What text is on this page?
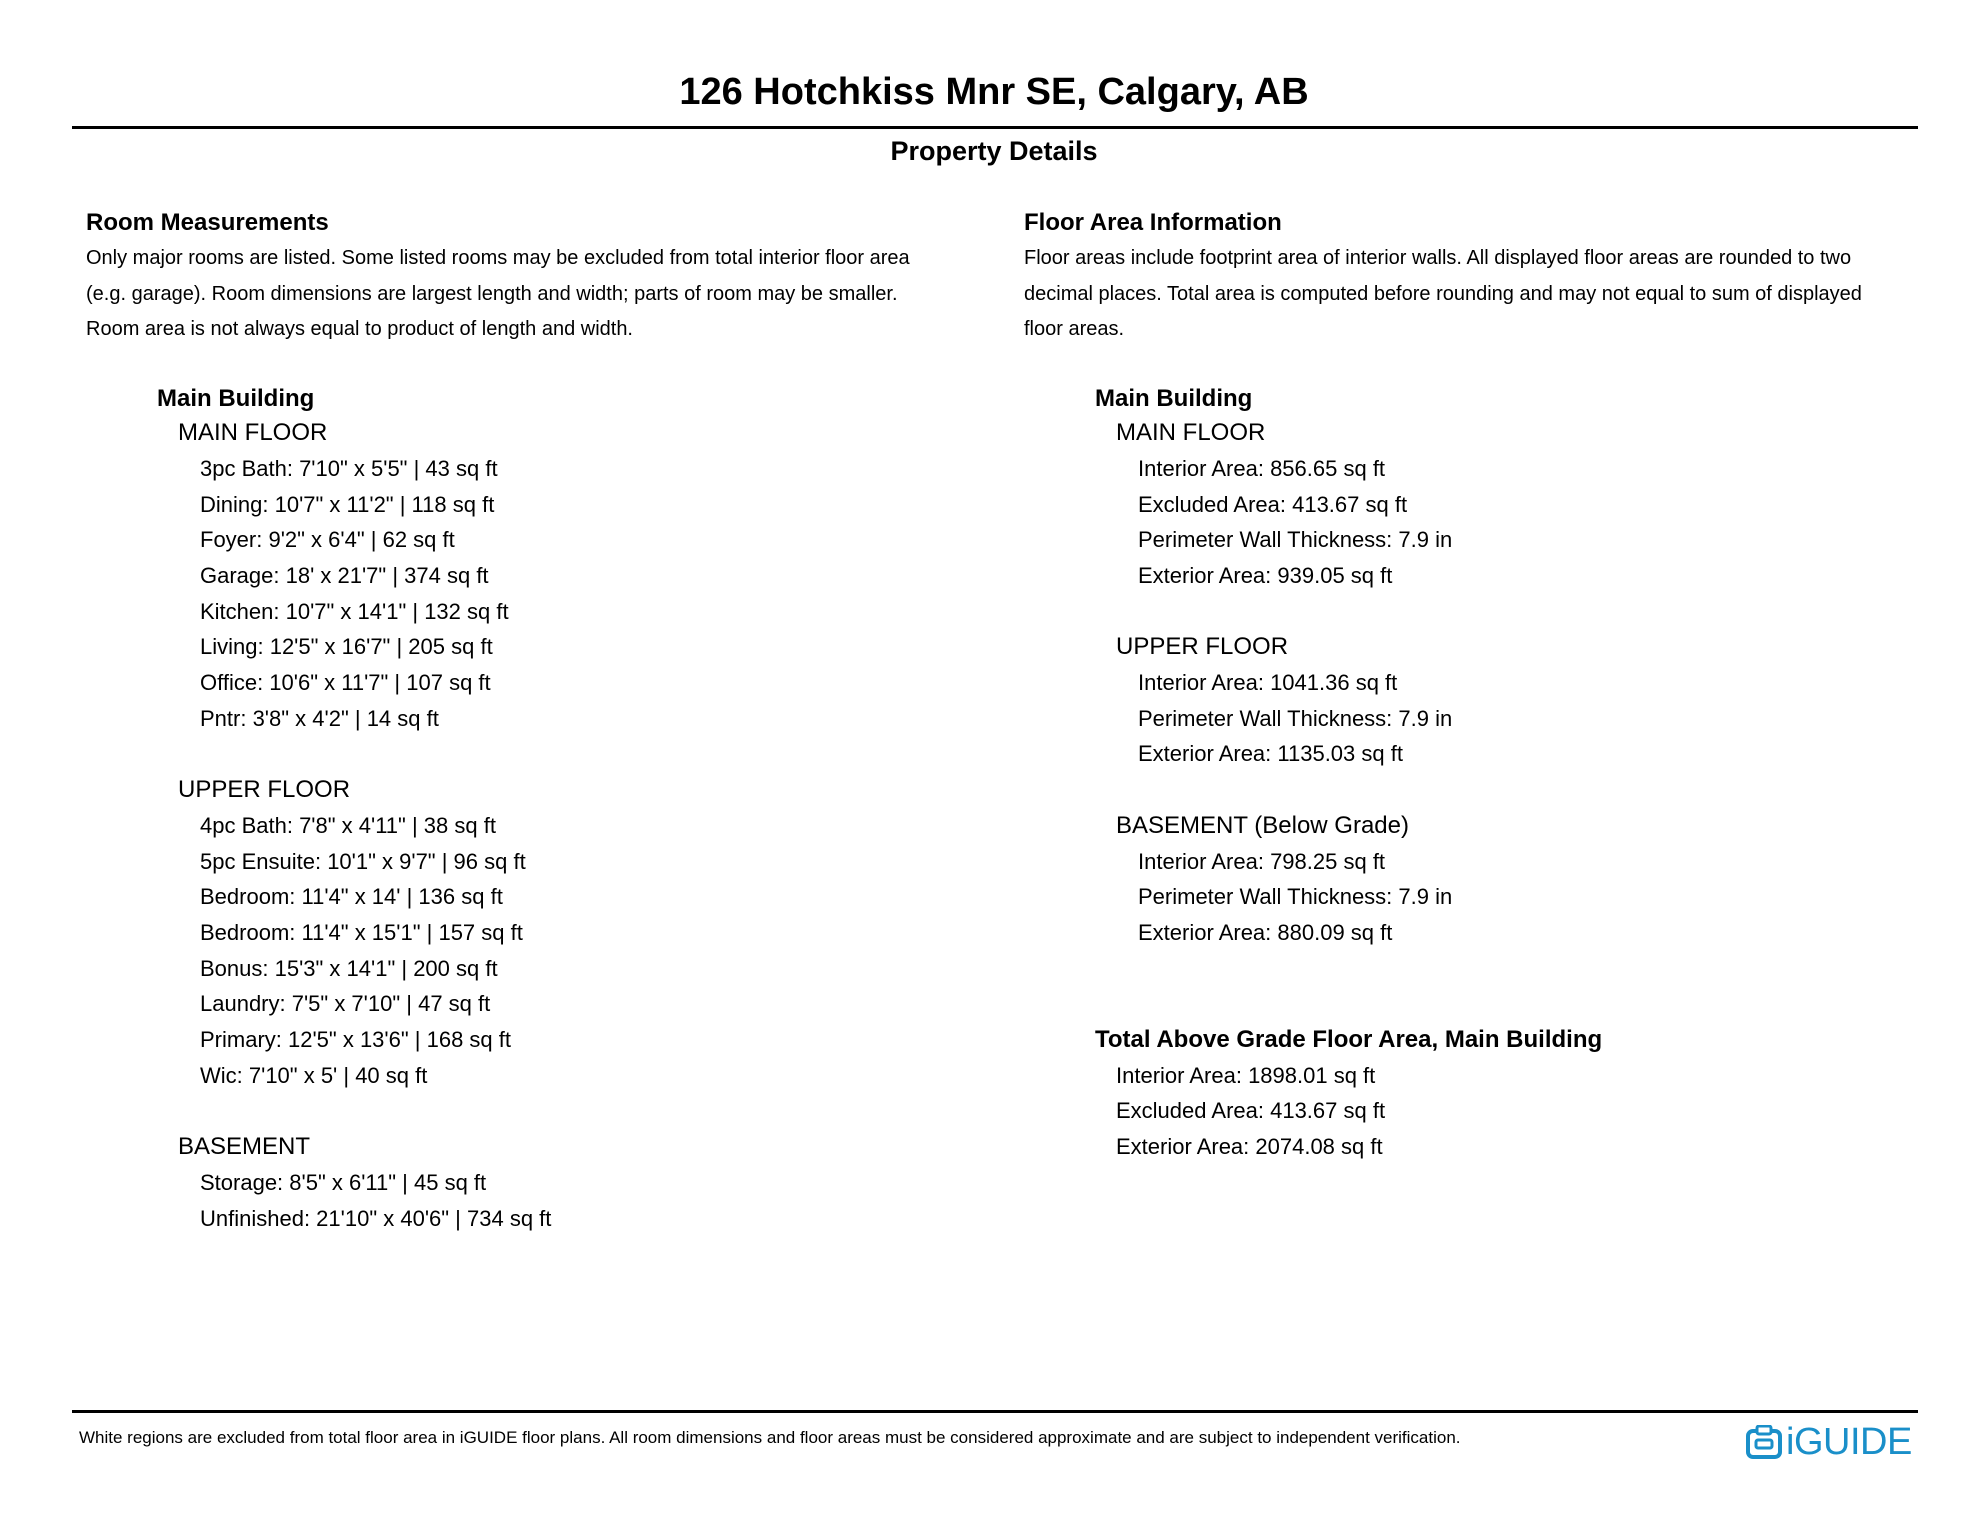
126 Hotchkiss Mnr SE, Calgary, AB
Property Details
Room Measurements
Only major rooms are listed. Some listed rooms may be excluded from total interior floor area
(e.g. garage). Room dimensions are largest length and width; parts of room may be smaller.
Room area is not always equal to product of length and width.
Main Building
MAIN FLOOR
3pc Bath: 7'10" x 5'5" | 43 sq ft
Dining: 10'7" x 11'2" | 118 sq ft
Foyer: 9'2" x 6'4" | 62 sq ft
Garage: 18' x 21'7" | 374 sq ft
Kitchen: 10'7" x 14'1" | 132 sq ft
Living: 12'5" x 16'7" | 205 sq ft
Office: 10'6" x 11'7" | 107 sq ft
Pntr: 3'8" x 4'2" | 14 sq ft
UPPER FLOOR
4pc Bath: 7'8" x 4'11" | 38 sq ft
5pc Ensuite: 10'1" x 9'7" | 96 sq ft
Bedroom: 11'4" x 14' | 136 sq ft
Bedroom: 11'4" x 15'1" | 157 sq ft
Bonus: 15'3" x 14'1" | 200 sq ft
Laundry: 7'5" x 7'10" | 47 sq ft
Primary: 12'5" x 13'6" | 168 sq ft
Wic: 7'10" x 5' | 40 sq ft
BASEMENT
Storage: 8'5" x 6'11" | 45 sq ft
Unfinished: 21'10" x 40'6" | 734 sq ft
Floor Area Information
Floor areas include footprint area of interior walls. All displayed floor areas are rounded to two
decimal places. Total area is computed before rounding and may not equal to sum of displayed
floor areas.
Main Building
MAIN FLOOR
Interior Area: 856.65 sq ft
Excluded Area: 413.67 sq ft
Perimeter Wall Thickness: 7.9 in
Exterior Area: 939.05 sq ft
UPPER FLOOR
Interior Area: 1041.36 sq ft
Perimeter Wall Thickness: 7.9 in
Exterior Area: 1135.03 sq ft
BASEMENT (Below Grade)
Interior Area: 798.25 sq ft
Perimeter Wall Thickness: 7.9 in
Exterior Area: 880.09 sq ft
Total Above Grade Floor Area, Main Building
Interior Area: 1898.01 sq ft
Excluded Area: 413.67 sq ft
Exterior Area: 2074.08 sq ft
White regions are excluded from total floor area in iGUIDE floor plans. All room dimensions and floor areas must be considered approximate and are subject to independent verification.	iGUIDE
